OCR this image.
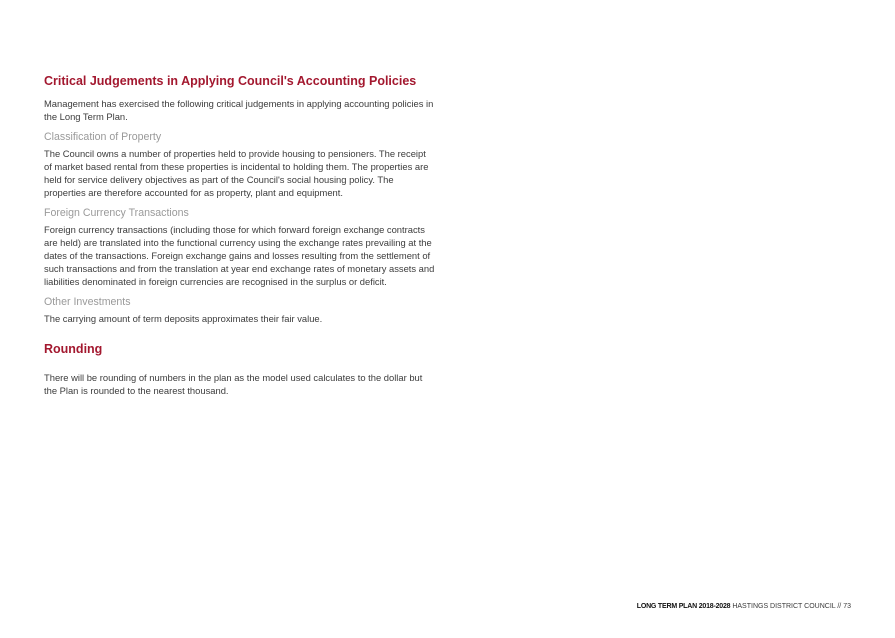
Critical Judgements in Applying Council's Accounting Policies

Management has exercised the following critical judgements in applying accounting policies in the Long Term Plan.

Classification of Property

The Council owns a number of properties held to provide housing to pensioners. The receipt of market based rental from these properties is incidental to holding them. The properties are held for service delivery objectives as part of the Council's social housing policy. The properties are therefore accounted for as property, plant and equipment.

Foreign Currency Transactions

Foreign currency transactions (including those for which forward foreign exchange contracts are held) are translated into the functional currency using the exchange rates prevailing at the dates of the transactions. Foreign exchange gains and losses resulting from the settlement of such transactions and from the translation at year end exchange rates of monetary assets and liabilities denominated in foreign currencies are recognised in the surplus or deficit.

Other Investments

The carrying amount of term deposits approximates their fair value.

Rounding

There will be rounding of numbers in the plan as the model used calculates to the dollar but the Plan is rounded to the nearest thousand.

LONG TERM PLAN 2018-2028 HASTINGS DISTRICT COUNCIL // 73
